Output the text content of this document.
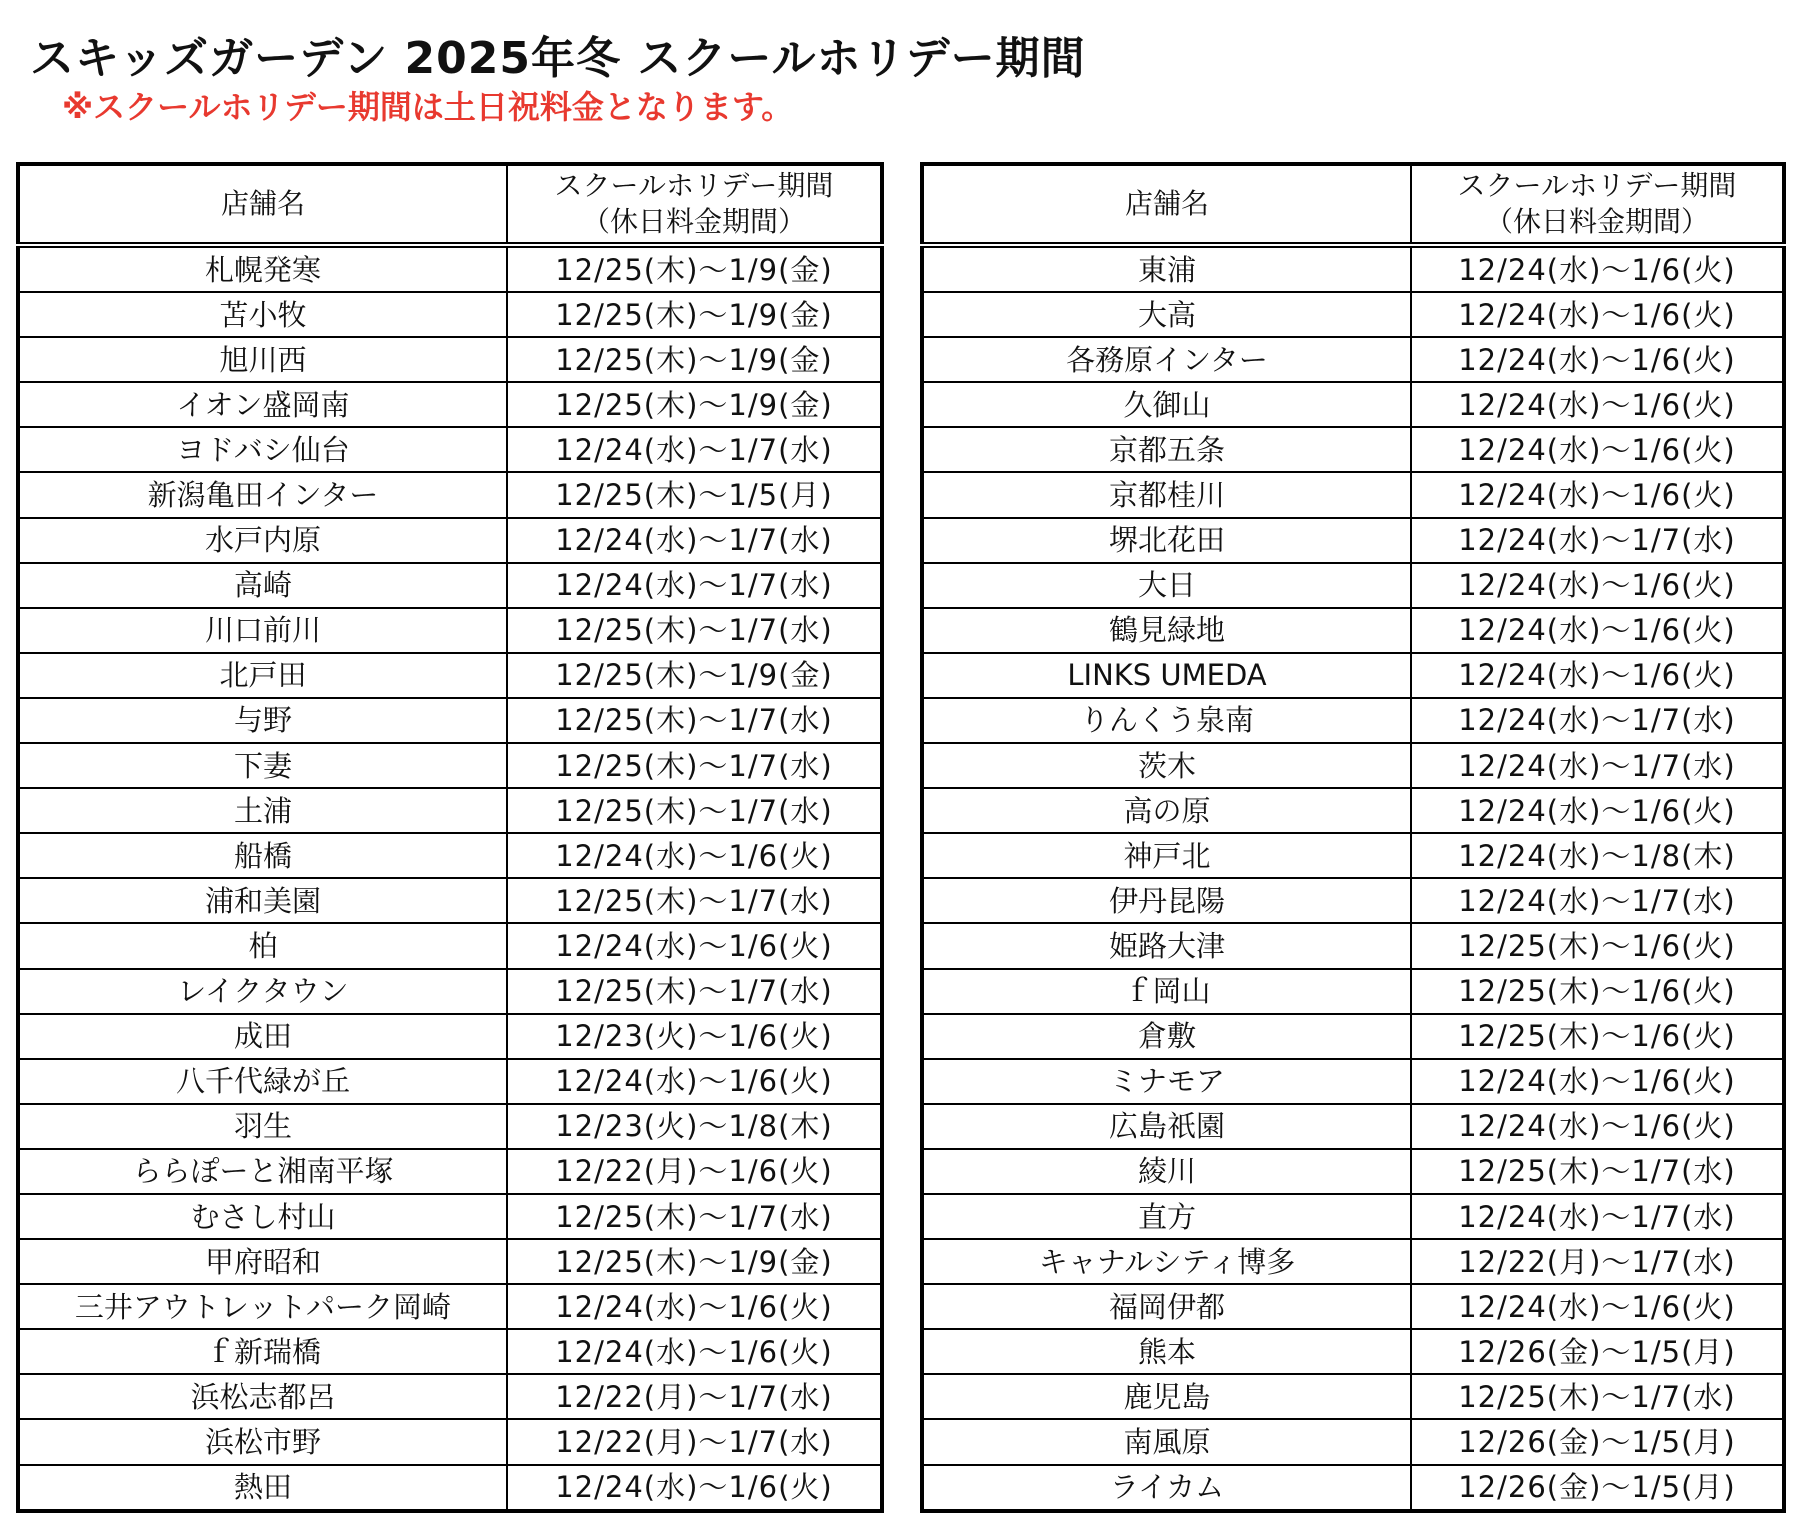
スキッズガーデン 2025年冬 スクールホリデー期間
※スクールホリデー期間は土日祝料金となります。
店舗名	スクールホリデー期間
（休日料金期間）

札幌発寒	12/25(木)～1/9(金)
苫小牧	12/25(木)～1/9(金)
旭川西	12/25(木)～1/9(金)
イオン盛岡南	12/25(木)～1/9(金)
ヨドバシ仙台	12/24(水)～1/7(水)
新潟亀田インター	12/25(木)～1/5(月)
水戸内原	12/24(水)～1/7(水)
高崎	12/24(水)～1/7(水)
川口前川	12/25(木)～1/7(水)
北戸田	12/25(木)～1/9(金)
与野	12/25(木)～1/7(水)
下妻	12/25(木)～1/7(水)
土浦	12/25(木)～1/7(水)
船橋	12/24(水)～1/6(火)
浦和美園	12/25(木)～1/7(水)
柏	12/24(水)～1/6(火)
レイクタウン	12/25(木)～1/7(水)
成田	12/23(火)～1/6(火)
八千代緑が丘	12/24(水)～1/6(火)
羽生	12/23(火)～1/8(木)
ららぽーと湘南平塚	12/22(月)～1/6(火)
むさし村山	12/25(木)～1/7(水)
甲府昭和	12/25(木)～1/9(金)
三井アウトレットパーク岡崎	12/24(水)～1/6(火)
ｆ新瑞橋	12/24(水)～1/6(火)
浜松志都呂	12/22(月)～1/7(水)
浜松市野	12/22(月)～1/7(水)
熱田	12/24(水)～1/6(火)
店舗名	スクールホリデー期間
（休日料金期間）

東浦	12/24(水)～1/6(火)
大高	12/24(水)～1/6(火)
各務原インター	12/24(水)～1/6(火)
久御山	12/24(水)～1/6(火)
京都五条	12/24(水)～1/6(火)
京都桂川	12/24(水)～1/6(火)
堺北花田	12/24(水)～1/7(水)
大日	12/24(水)～1/6(火)
鶴見緑地	12/24(水)～1/6(火)
LINKS UMEDA	12/24(水)～1/6(火)
りんくう泉南	12/24(水)～1/7(水)
茨木	12/24(水)～1/7(水)
高の原	12/24(水)～1/6(火)
神戸北	12/24(水)～1/8(木)
伊丹昆陽	12/24(水)～1/7(水)
姫路大津	12/25(木)～1/6(火)
ｆ岡山	12/25(木)～1/6(火)
倉敷	12/25(木)～1/6(火)
ミナモア	12/24(水)～1/6(火)
広島祇園	12/24(水)～1/6(火)
綾川	12/25(木)～1/7(水)
直方	12/24(水)～1/7(水)
キャナルシティ博多	12/22(月)～1/7(水)
福岡伊都	12/24(水)～1/6(火)
熊本	12/26(金)～1/5(月)
鹿児島	12/25(木)～1/7(水)
南風原	12/26(金)～1/5(月)
ライカム	12/26(金)～1/5(月)
